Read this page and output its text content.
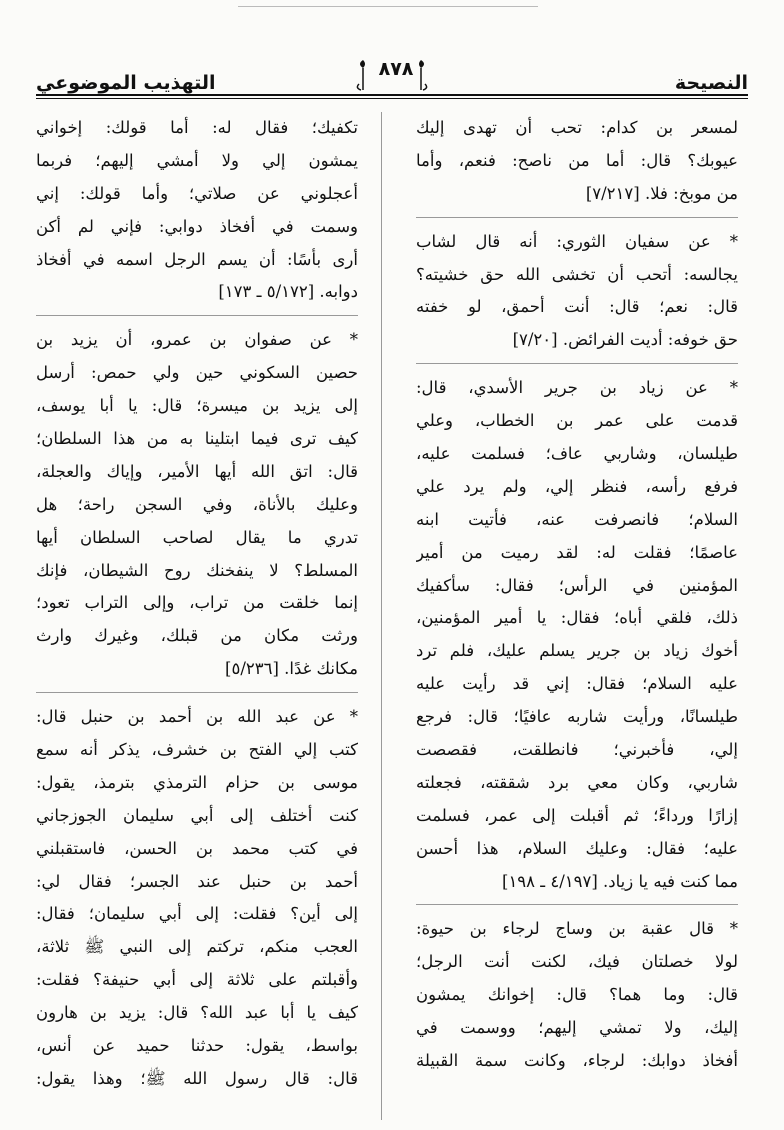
التهذيب الموضوعي
٨٧٨
النصيحة
لمسعر بن كدام: تحب أن تهدى إليك
عيوبك؟ قال: أما من ناصح: فنعم، وأما
من موبخ: فلا. [٧/٢١٧]
* عن سفيان الثوري: أنه قال لشاب
يجالسه: أتحب أن تخشى الله حق خشيته؟
قال: نعم؛ قال: أنت أحمق، لو خفته
حق خوفه: أديت الفرائض. [٧/٢٠]
* عن زياد بن جرير الأسدي، قال:
قدمت على عمر بن الخطاب، وعلي
طيلسان، وشاربي عاف؛ فسلمت عليه،
فرفع رأسه، فنظر إلي، ولم يرد علي
السلام؛ فانصرفت عنه، فأتيت ابنه
عاصمًا؛ فقلت له: لقد رميت من أمير
المؤمنين في الرأس؛ فقال: سأكفيك
ذلك، فلقي أباه؛ فقال: يا أمير المؤمنين،
أخوك زياد بن جرير يسلم عليك، فلم ترد
عليه السلام؛ فقال: إني قد رأيت عليه
طيلسانًا، ورأيت شاربه عافيًا؛ قال: فرجع
إلي، فأخبرني؛ فانطلقت، فقصصت
شاربي، وكان معي برد شققته، فجعلته
إزارًا ورداءً؛ ثم أقبلت إلى عمر، فسلمت
عليه؛ فقال: وعليك السلام، هذا أحسن
مما كنت فيه يا زياد. [٤/١٩٧ ـ ١٩٨]
* قال عقبة بن وساج لرجاء بن حيوة:
لولا خصلتان فيك، لكنت أنت الرجل؛
قال: وما هما؟ قال: إخوانك يمشون
إليك، ولا تمشي إليهم؛ ووسمت في
أفخاذ دوابك: لرجاء، وكانت سمة القبيلة
تكفيك؛ فقال له: أما قولك: إخواني
يمشون إلي ولا أمشي إليهم؛ فربما
أعجلوني عن صلاتي؛ وأما قولك: إني
وسمت في أفخاذ دوابي: فإني لم أكن
أرى بأسًا: أن يسم الرجل اسمه في أفخاذ
دوابه. [٥/١٧٢ ـ ١٧٣]
* عن صفوان بن عمرو، أن يزيد بن
حصين السكوني حين ولي حمص: أرسل
إلى يزيد بن ميسرة؛ قال: يا أبا يوسف،
كيف ترى فيما ابتلينا به من هذا السلطان؛
قال: اتق الله أيها الأمير، وإياك والعجلة،
وعليك بالأناة، وفي السجن راحة؛ هل
تدري ما يقال لصاحب السلطان أيها
المسلط؟ لا ينفخنك روح الشيطان، فإنك
إنما خلقت من تراب، وإلى التراب تعود؛
ورثت مكان من قبلك، وغيرك وارث
مكانك غدًا. [٥/٢٣٦]
* عن عبد الله بن أحمد بن حنبل قال:
كتب إلي الفتح بن خشرف، يذكر أنه سمع
موسى بن حزام الترمذي بترمذ، يقول:
كنت أختلف إلى أبي سليمان الجوزجاني
في كتب محمد بن الحسن، فاستقبلني
أحمد بن حنبل عند الجسر؛ فقال لي:
إلى أين؟ فقلت: إلى أبي سليمان؛ فقال:
العجب منكم، تركتم إلى النبي ﷺ ثلاثة،
وأقبلتم على ثلاثة إلى أبي حنيفة؟ فقلت:
كيف يا أبا عبد الله؟ قال: يزيد بن هارون
بواسط، يقول: حدثنا حميد عن أنس،
قال: قال رسول الله ﷺ؛ وهذا يقول:
